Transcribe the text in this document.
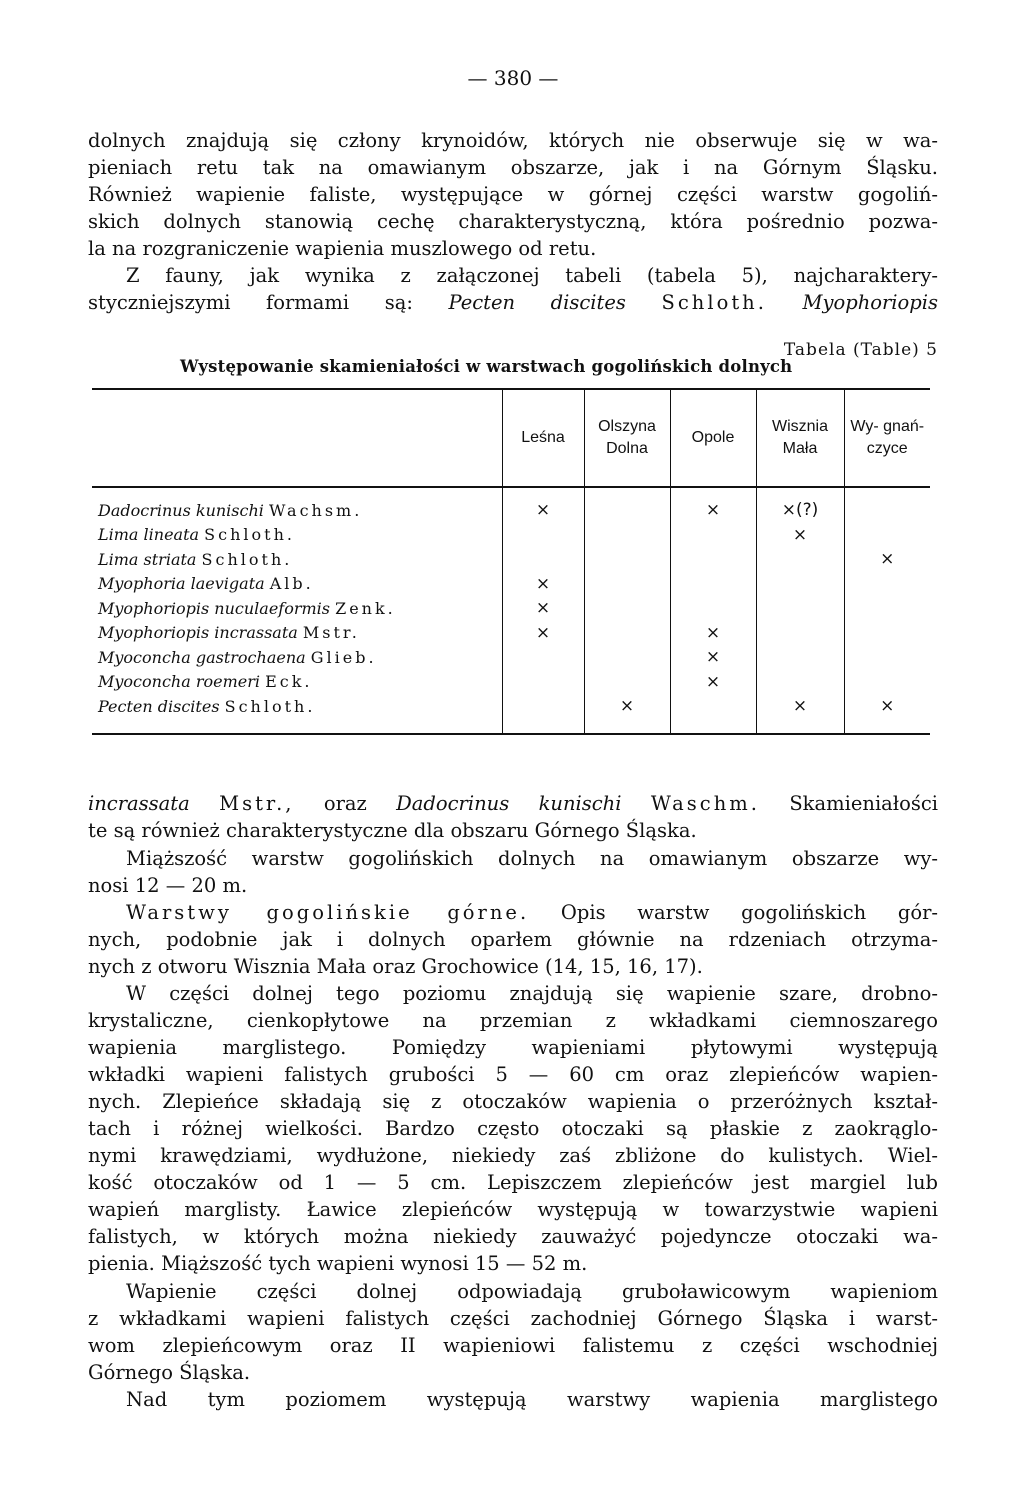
— 380 —
dolnych znajdują się człony krynoidów, których nie obserwuje się w wa-
pieniach retu tak na omawianym obszarze, jak i na Górnym Śląsku.
Również wapienie faliste, występujące w górnej części warstw gogoliń-
skich dolnych stanowią cechę charakterystyczną, która pośrednio pozwa-
la na rozgraniczenie wapienia muszlowego od retu.
Z fauny, jak wynika z załączonej tabeli (tabela 5), najcharaktery-
styczniejszymi formami są: Pecten discites Schloth. Myophoriopis
Tabela (Table) 5
Występowanie skamieniałości w warstwach gogolińskich dolnych
	Leśna	Olszyna Dolna	Opole	Wisznia Mała	Wy- gnań- czyce
Dadocrinus kunischi Wachsm.	×		×	×(?)	
Lima lineata Schloth.				×	
Lima striata Schloth.					×
Myophoria laevigata Alb.	×				
Myophoriopis nuculaeformis Zenk.	×				
Myophoriopis incrassata Mstr.	×		×		
Myoconcha gastrochaena Glieb.			×		
Myoconcha roemeri Eck.			×		
Pecten discites Schloth.		×		×	×
incrassata Mstr., oraz Dadocrinus kunischi Waschm. Skamieniałości
te są również charakterystyczne dla obszaru Górnego Śląska.
Miąższość warstw gogolińskich dolnych na omawianym obszarze wy-
nosi 12 — 20 m.
Warstwy gogolińskie górne. Opis warstw gogolińskich gór-
nych, podobnie jak i dolnych oparłem głównie na rdzeniach otrzyma-
nych z otworu Wisznia Mała oraz Grochowice (14, 15, 16, 17).
W części dolnej tego poziomu znajdują się wapienie szare, drobno-
krystaliczne, cienkopłytowe na przemian z wkładkami ciemnoszarego
wapienia marglistego. Pomiędzy wapieniami płytowymi występują
wkładki wapieni falistych grubości 5 — 60 cm oraz zlepieńców wapien-
nych. Zlepieńce składają się z otoczaków wapienia o przeróżnych kształ-
tach i różnej wielkości. Bardzo często otoczaki są płaskie z zaokrąglo-
nymi krawędziami, wydłużone, niekiedy zaś zbliżone do kulistych. Wiel-
kość otoczaków od 1 — 5 cm. Lepiszczem zlepieńców jest margiel lub
wapień marglisty. Ławice zlepieńców występują w towarzystwie wapieni
falistych, w których można niekiedy zauważyć pojedyncze otoczaki wa-
pienia. Miąższość tych wapieni wynosi 15 — 52 m.
Wapienie części dolnej odpowiadają gruboławicowym wapieniom
z wkładkami wapieni falistych części zachodniej Górnego Śląska i warst-
wom zlepieńcowym oraz II wapieniowi falistemu z części wschodniej
Górnego Śląska.
Nad tym poziomem występują warstwy wapienia marglistego
